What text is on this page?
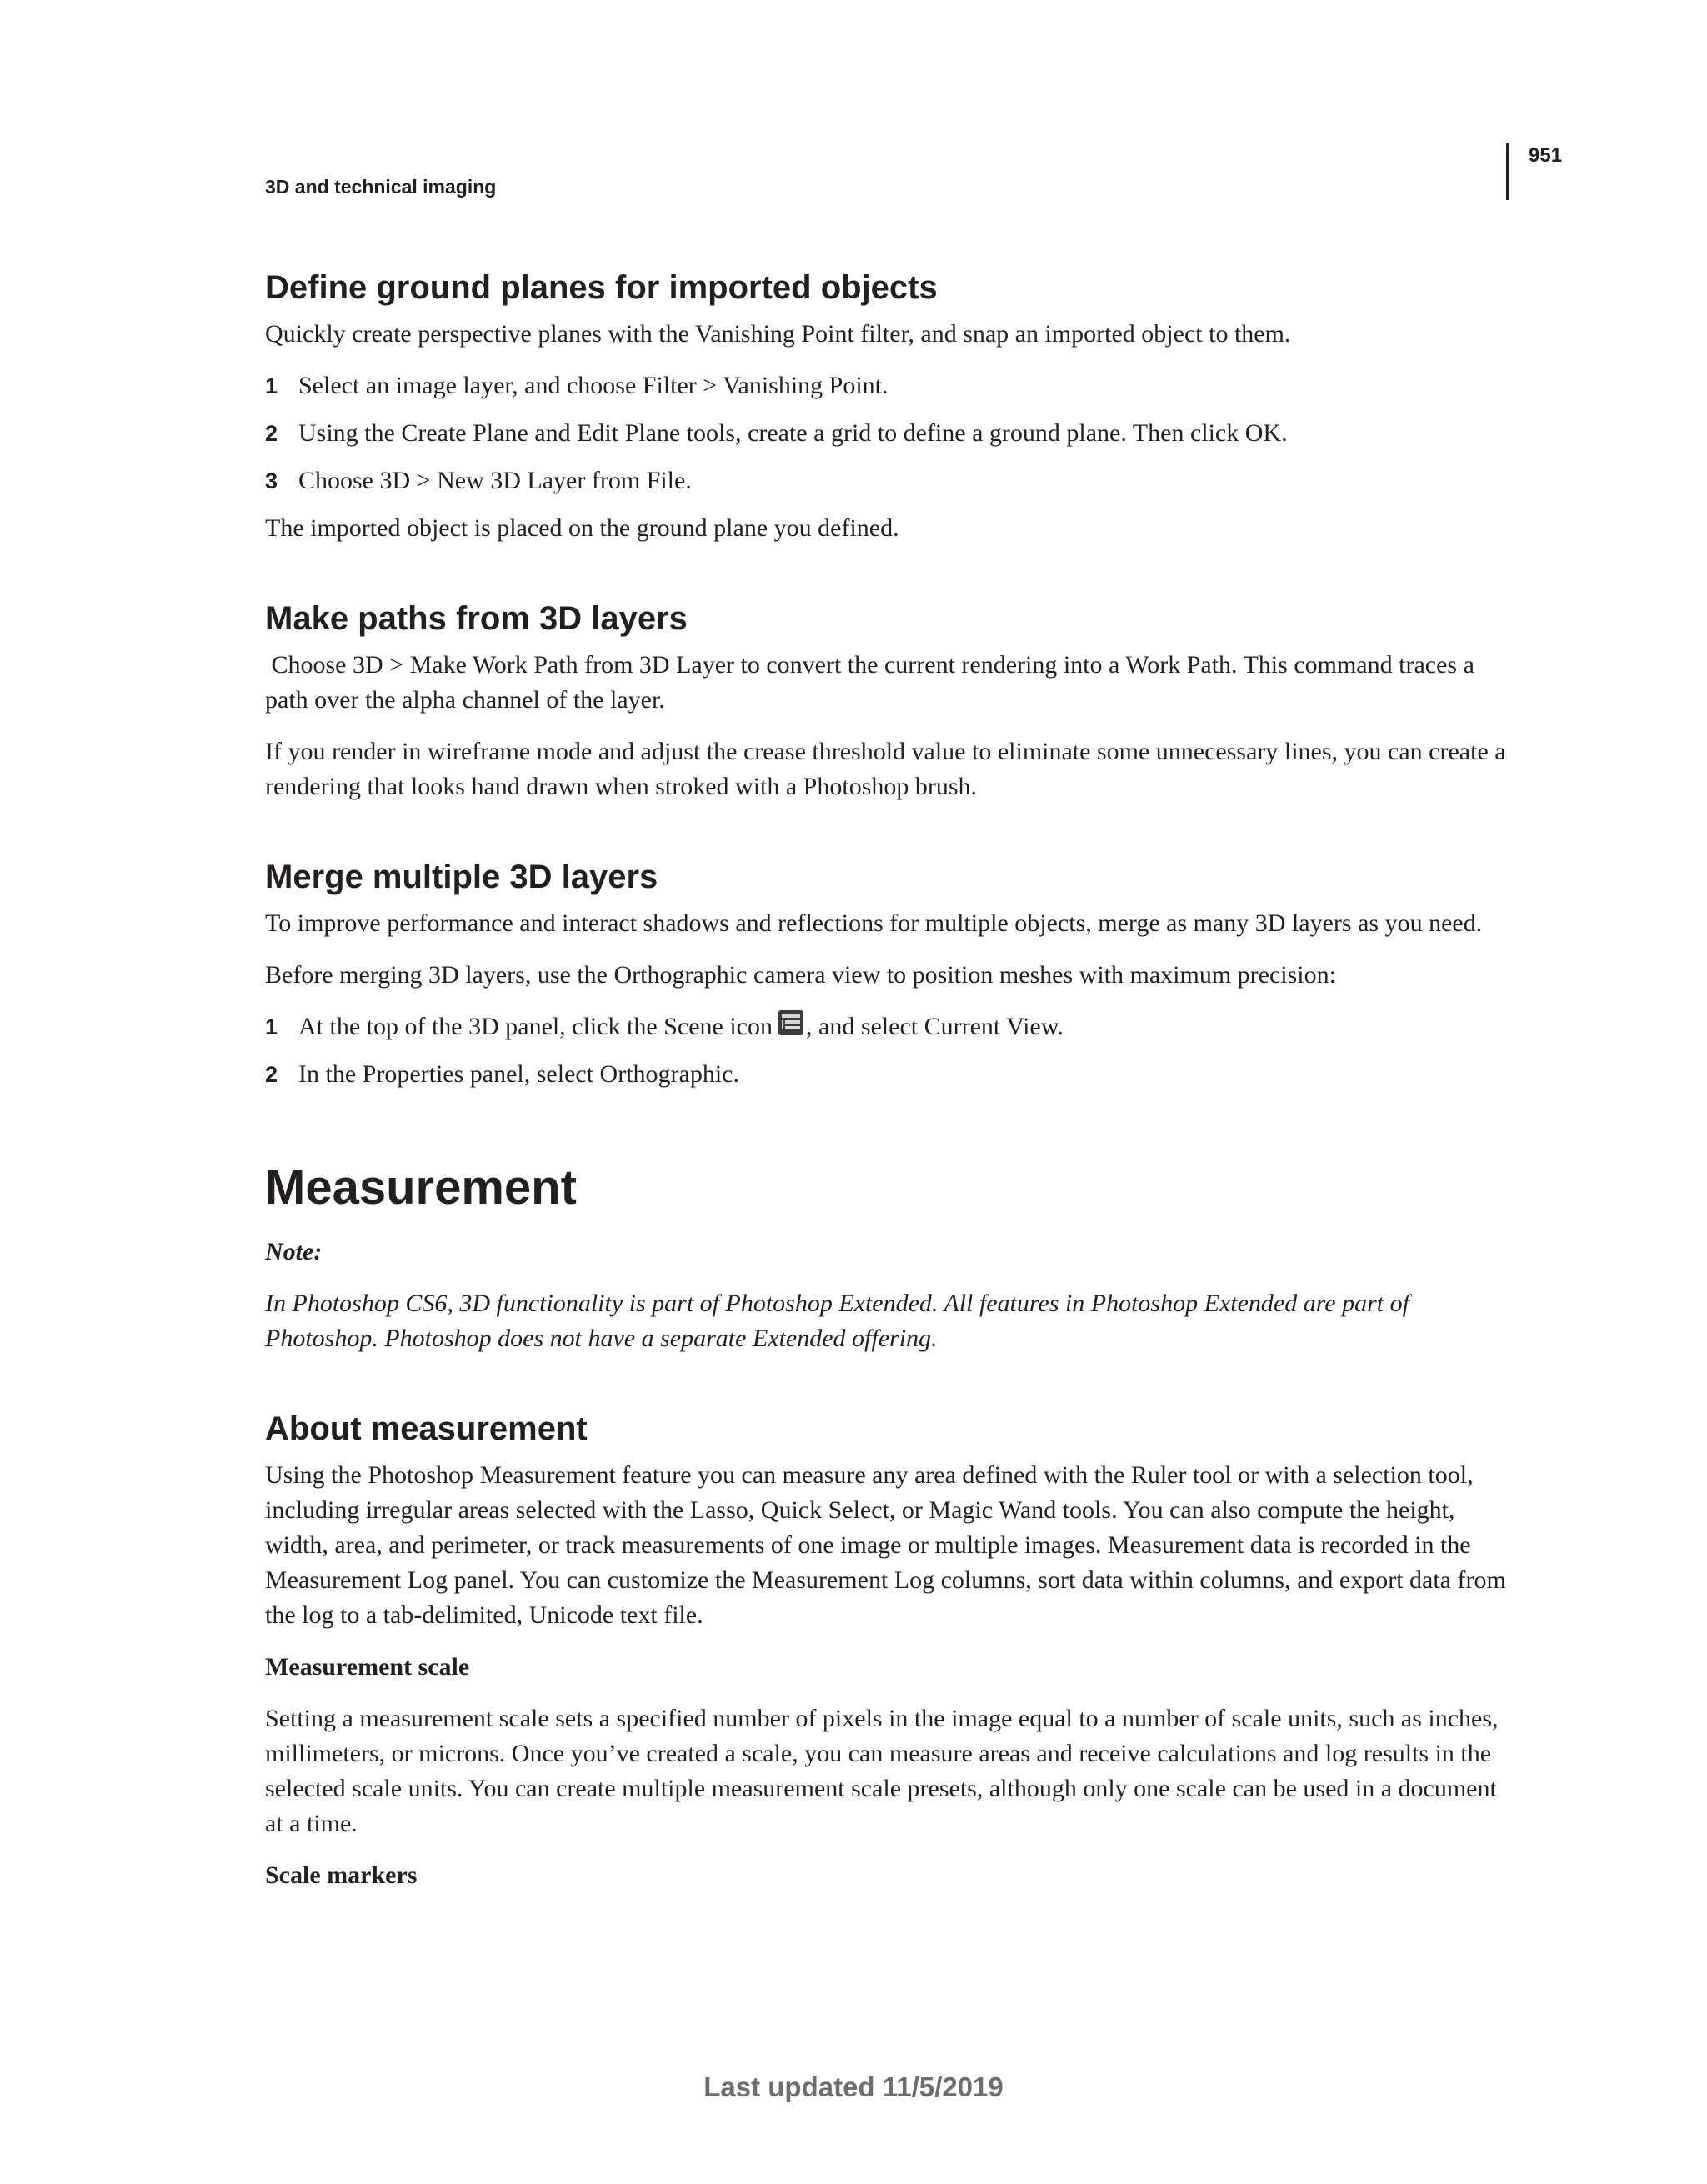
951
3D and technical imaging
Define ground planes for imported objects
Quickly create perspective planes with the Vanishing Point filter, and snap an imported object to them.
1 Select an image layer, and choose Filter > Vanishing Point.
2 Using the Create Plane and Edit Plane tools, create a grid to define a ground plane. Then click OK.
3 Choose 3D > New 3D Layer from File.
The imported object is placed on the ground plane you defined.
Make paths from 3D layers
Choose 3D > Make Work Path from 3D Layer to convert the current rendering into a Work Path. This command traces a path over the alpha channel of the layer.
If you render in wireframe mode and adjust the crease threshold value to eliminate some unnecessary lines, you can create a rendering that looks hand drawn when stroked with a Photoshop brush.
Merge multiple 3D layers
To improve performance and interact shadows and reflections for multiple objects, merge as many 3D layers as you need.
Before merging 3D layers, use the Orthographic camera view to position meshes with maximum precision:
1 At the top of the 3D panel, click the Scene icon , and select Current View.
2 In the Properties panel, select Orthographic.
Measurement
Note:
In Photoshop CS6, 3D functionality is part of Photoshop Extended. All features in Photoshop Extended are part of Photoshop. Photoshop does not have a separate Extended offering.
About measurement
Using the Photoshop Measurement feature you can measure any area defined with the Ruler tool or with a selection tool, including irregular areas selected with the Lasso, Quick Select, or Magic Wand tools. You can also compute the height, width, area, and perimeter, or track measurements of one image or multiple images. Measurement data is recorded in the Measurement Log panel. You can customize the Measurement Log columns, sort data within columns, and export data from the log to a tab-delimited, Unicode text file.
Measurement scale
Setting a measurement scale sets a specified number of pixels in the image equal to a number of scale units, such as inches, millimeters, or microns. Once you’ve created a scale, you can measure areas and receive calculations and log results in the selected scale units. You can create multiple measurement scale presets, although only one scale can be used in a document at a time.
Scale markers
Last updated 11/5/2019
